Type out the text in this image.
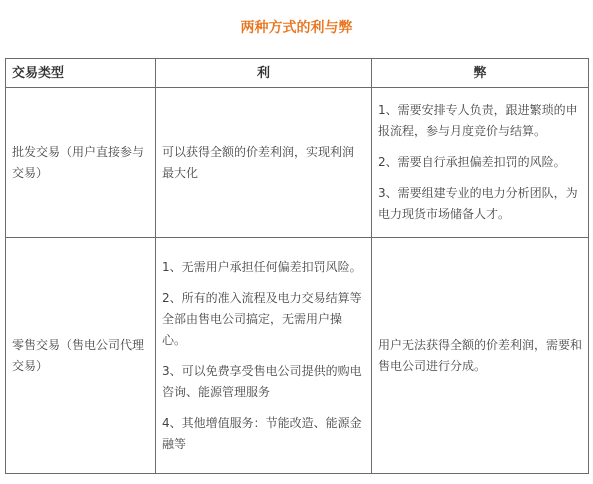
两种方式的利与弊
交易类型	利	弊

批发交易（用户直接参与交易）	可以获得全额的价差利润，实现利润最大化	1、需要安排专人负责，跟进繁琐的申报流程，参与月度竞价与结算。

2、需要自行承担偏差扣罚的风险。

3、需要组建专业的电力分析团队，为电力现货市场储备人才。

零售交易（售电公司代理交易）	1、无需用户承担任何偏差扣罚风险。

2、所有的准入流程及电力交易结算等全部由售电公司搞定，无需用户操心。

3、可以免费享受售电公司提供的购电咨询、能源管理服务

4、其他增值服务：节能改造、能源金融等	用户无法获得全额的价差利润，需要和售电公司进行分成。
